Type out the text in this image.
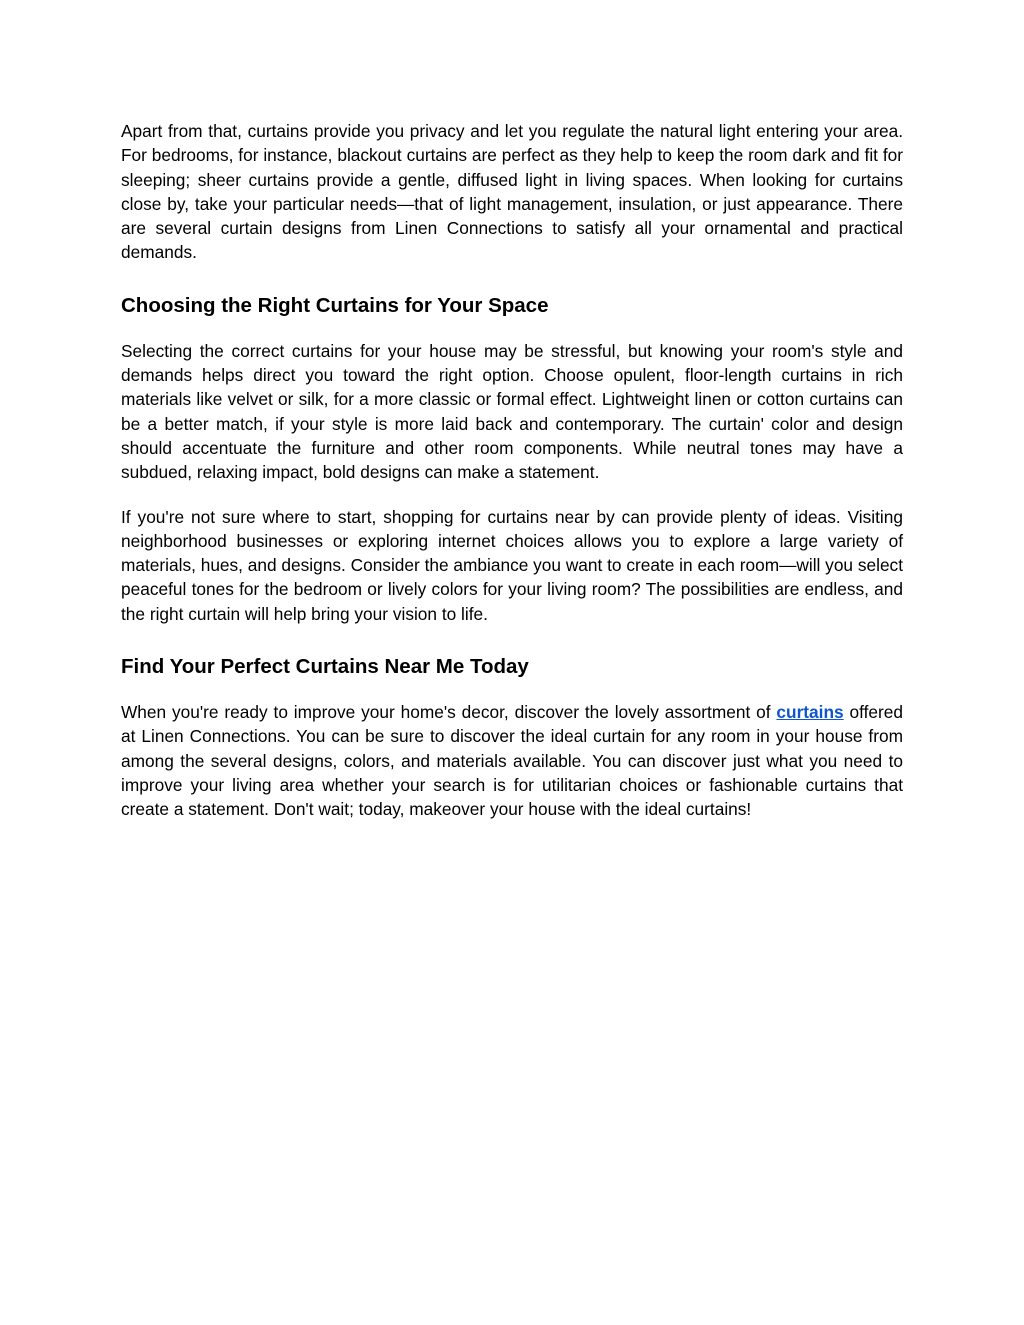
Apart from that, curtains provide you privacy and let you regulate the natural light entering your area. For bedrooms, for instance, blackout curtains are perfect as they help to keep the room dark and fit for sleeping; sheer curtains provide a gentle, diffused light in living spaces. When looking for curtains close by, take your particular needs—that of light management, insulation, or just appearance. There are several curtain designs from Linen Connections to satisfy all your ornamental and practical demands.

Choosing the Right Curtains for Your Space

Selecting the correct curtains for your house may be stressful, but knowing your room's style and demands helps direct you toward the right option. Choose opulent, floor-length curtains in rich materials like velvet or silk, for a more classic or formal effect. Lightweight linen or cotton curtains can be a better match, if your style is more laid back and contemporary. The curtain' color and design should accentuate the furniture and other room components. While neutral tones may have a subdued, relaxing impact, bold designs can make a statement.

If you're not sure where to start, shopping for curtains near by can provide plenty of ideas. Visiting neighborhood businesses or exploring internet choices allows you to explore a large variety of materials, hues, and designs. Consider the ambiance you want to create in each room—will you select peaceful tones for the bedroom or lively colors for your living room? The possibilities are endless, and the right curtain will help bring your vision to life.

Find Your Perfect Curtains Near Me Today

When you're ready to improve your home's decor, discover the lovely assortment of curtains offered at Linen Connections. You can be sure to discover the ideal curtain for any room in your house from among the several designs, colors, and materials available. You can discover just what you need to improve your living area whether your search is for utilitarian choices or fashionable curtains that create a statement. Don't wait; today, makeover your house with the ideal curtains!
